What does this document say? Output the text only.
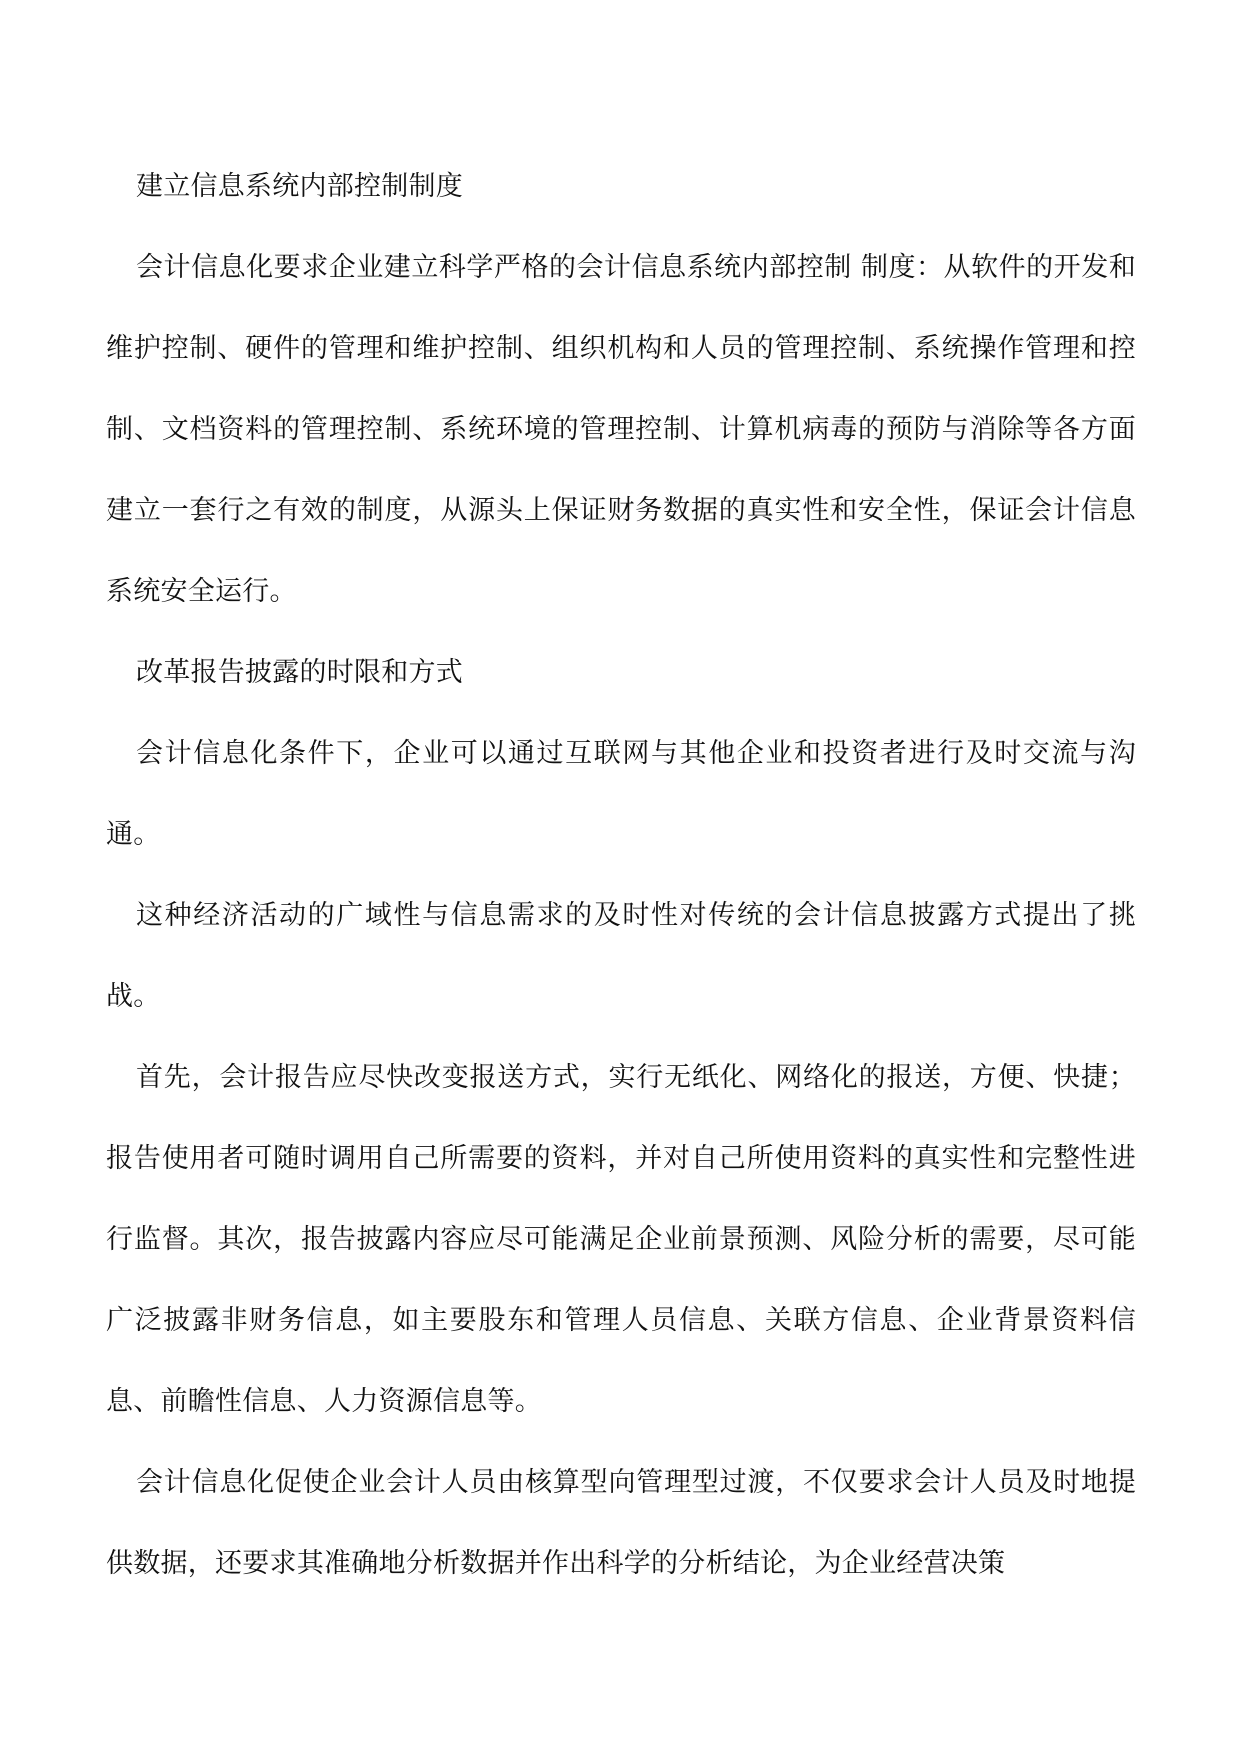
建立信息系统内部控制制度

会计信息化要求企业建立科学严格的会计信息系统内部控制 制度：从软件的开发和维护控制、硬件的管理和维护控制、组织机构和人员的管理控制、系统操作管理和控制、文档资料的管理控制、系统环境的管理控制、计算机病毒的预防与消除等各方面建立一套行之有效的制度，从源头上保证财务数据的真实性和安全性，保证会计信息系统安全运行。

改革报告披露的时限和方式

会计信息化条件下，企业可以通过互联网与其他企业和投资者进行及时交流与沟通。

这种经济活动的广域性与信息需求的及时性对传统的会计信息披露方式提出了挑战。

首先，会计报告应尽快改变报送方式，实行无纸化、网络化的报送，方便、快捷；报告使用者可随时调用自己所需要的资料，并对自己所使用资料的真实性和完整性进行监督。其次，报告披露内容应尽可能满足企业前景预测、风险分析的需要，尽可能广泛披露非财务信息，如主要股东和管理人员信息、关联方信息、企业背景资料信息、前瞻性信息、人力资源信息等。

会计信息化促使企业会计人员由核算型向管理型过渡，不仅要求会计人员及时地提供数据，还要求其准确地分析数据并作出科学的分析结论，为企业经营决策
